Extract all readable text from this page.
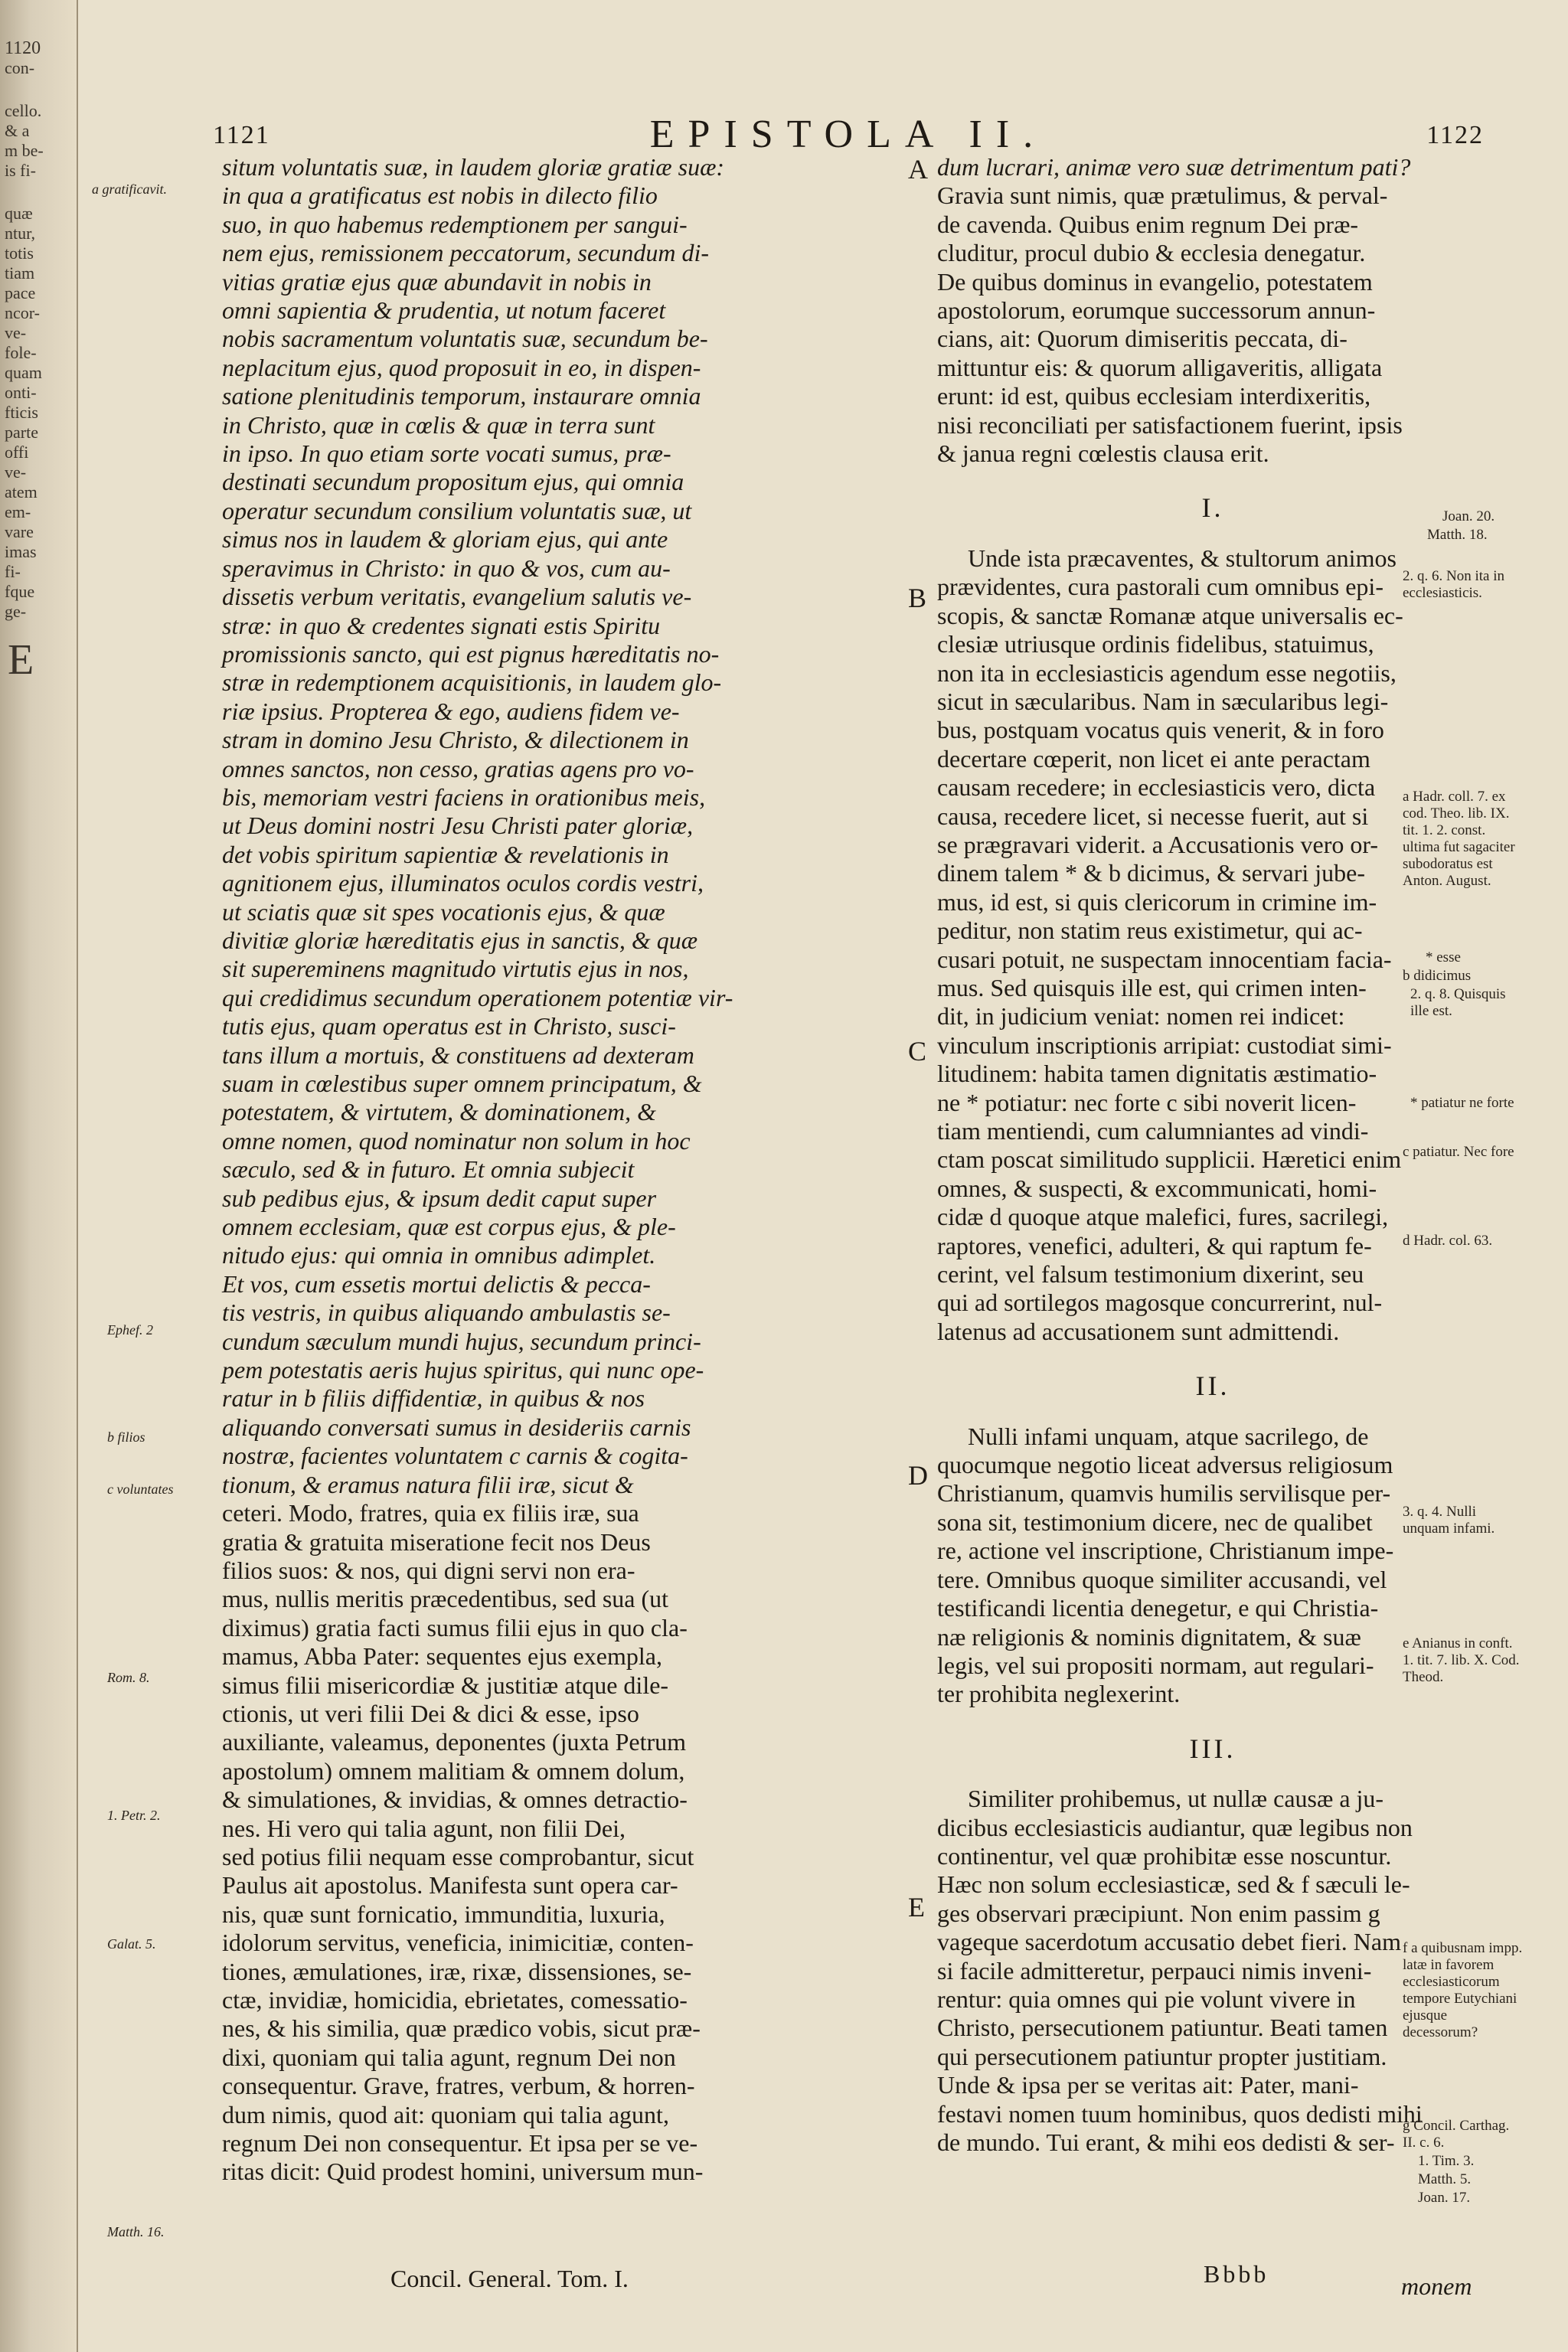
1120
con-
cello.
& a
m be-
is fi-
quæ
ntur,
totis
tiam
pace
ncor-
ve-
fole-
quam
onti-
fticis
parte
offi
ve-
atem
em-
vare
imas
fi-
fque
ge-
E
1121	EPISTOLA II.	1122
a gratificavit.
Ephef. 2
b filios
c voluntates
Rom. 8.
1. Petr. 2.
Galat. 5.
Matth. 16.

situm voluntatis suæ, in laudem gloriæ gratiæ suæ:

in qua a gratificatus est nobis in dilecto filio

suo, in quo habemus redemptionem per sangui-

nem ejus, remissionem peccatorum, secundum di-

vitias gratiæ ejus quæ abundavit in nobis in

omni sapientia & prudentia, ut notum faceret

nobis sacramentum voluntatis suæ, secundum be-

neplacitum ejus, quod proposuit in eo, in dispen-

satione plenitudinis temporum, instaurare omnia

in Christo, quæ in cœlis & quæ in terra sunt

in ipso. In quo etiam sorte vocati sumus, præ-

destinati secundum propositum ejus, qui omnia

operatur secundum consilium voluntatis suæ, ut

simus nos in laudem & gloriam ejus, qui ante

speravimus in Christo: in quo & vos, cum au-

dissetis verbum veritatis, evangelium salutis ve-

stræ: in quo & credentes signati estis Spiritu

promissionis sancto, qui est pignus hæreditatis no-

stræ in redemptionem acquisitionis, in laudem glo-

riæ ipsius. Propterea & ego, audiens fidem ve-

stram in domino Jesu Christo, & dilectionem in

omnes sanctos, non cesso, gratias agens pro vo-

bis, memoriam vestri faciens in orationibus meis,

ut Deus domini nostri Jesu Christi pater gloriæ,

det vobis spiritum sapientiæ & revelationis in

agnitionem ejus, illuminatos oculos cordis vestri,

ut sciatis quæ sit spes vocationis ejus, & quæ

divitiæ gloriæ hæreditatis ejus in sanctis, & quæ

sit supereminens magnitudo virtutis ejus in nos,

qui credidimus secundum operationem potentiæ vir-

tutis ejus, quam operatus est in Christo, susci-

tans illum a mortuis, & constituens ad dexteram

suam in cœlestibus super omnem principatum, &

potestatem, & virtutem, & dominationem, &

omne nomen, quod nominatur non solum in hoc

sæculo, sed & in futuro. Et omnia subjecit

sub pedibus ejus, & ipsum dedit caput super

omnem ecclesiam, quæ est corpus ejus, & ple-

nitudo ejus: qui omnia in omnibus adimplet.

Et vos, cum essetis mortui delictis & pecca-

tis vestris, in quibus aliquando ambulastis se-

cundum sæculum mundi hujus, secundum princi-

pem potestatis aeris hujus spiritus, qui nunc ope-

ratur in b filiis diffidentiæ, in quibus & nos

aliquando conversati sumus in desideriis carnis

nostræ, facientes voluntatem c carnis & cogita-

tionum, & eramus natura filii iræ, sicut &

ceteri. Modo, fratres, quia ex filiis iræ, sua

gratia & gratuita miseratione fecit nos Deus

filios suos: & nos, qui digni servi non era-

mus, nullis meritis præcedentibus, sed sua (ut

diximus) gratia facti sumus filii ejus in quo cla-

mamus, Abba Pater: sequentes ejus exempla,

simus filii misericordiæ & justitiæ atque dile-

ctionis, ut veri filii Dei & dici & esse, ipso

auxiliante, valeamus, deponentes (juxta Petrum

apostolum) omnem malitiam & omnem dolum,

& simulationes, & invidias, & omnes detractio-

nes. Hi vero qui talia agunt, non filii Dei,

sed potius filii nequam esse comprobantur, sicut

Paulus ait apostolus. Manifesta sunt opera car-

nis, quæ sunt fornicatio, immunditia, luxuria,

idolorum servitus, veneficia, inimicitiæ, conten-

tiones, æmulationes, iræ, rixæ, dissensiones, se-

ctæ, invidiæ, homicidia, ebrietates, comessatio-

nes, & his similia, quæ prædico vobis, sicut præ-

dixi, quoniam qui talia agunt, regnum Dei non

consequentur. Grave, fratres, verbum, & horren-

dum nimis, quod ait: quoniam qui talia agunt,

regnum Dei non consequentur. Et ipsa per se ve-

ritas dicit: Quid prodest homini, universum mun-

dum lucrari, animæ vero suæ detrimentum pati?

Gravia sunt nimis, quæ prætulimus, & perval-

de cavenda. Quibus enim regnum Dei præ-

cluditur, procul dubio & ecclesia denegatur.

De quibus dominus in evangelio, potestatem

apostolorum, eorumque successorum annun-

cians, ait: Quorum dimiseritis peccata, di-

mittuntur eis: & quorum alligaveritis, alligata

erunt: id est, quibus ecclesiam interdixeritis,

nisi reconciliati per satisfactionem fuerint, ipsis

& janua regni cœlestis clausa erit.

I.

Unde ista præcaventes, & stultorum animos

prævidentes, cura pastorali cum omnibus epi-

scopis, & sanctæ Romanæ atque universalis ec-

clesiæ utriusque ordinis fidelibus, statuimus,

non ita in ecclesiasticis agendum esse negotiis,

sicut in sæcularibus. Nam in sæcularibus legi-

bus, postquam vocatus quis venerit, & in foro

decertare cœperit, non licet ei ante peractam

causam recedere; in ecclesiasticis vero, dicta

causa, recedere licet, si necesse fuerit, aut si

se prægravari viderit. a Accusationis vero or-

dinem talem * & b dicimus, & servari jube-

mus, id est, si quis clericorum in crimine im-

peditur, non statim reus existimetur, qui ac-

cusari potuit, ne suspectam innocentiam facia-

mus. Sed quisquis ille est, qui crimen inten-

dit, in judicium veniat: nomen rei indicet:

vinculum inscriptionis arripiat: custodiat simi-

litudinem: habita tamen dignitatis æstimatio-

ne * potiatur: nec forte c sibi noverit licen-

tiam mentiendi, cum calumniantes ad vindi-

ctam poscat similitudo supplicii. Hæretici enim

omnes, & suspecti, & excommunicati, homi-

cidæ d quoque atque malefici, fures, sacrilegi,

raptores, venefici, adulteri, & qui raptum fe-

cerint, vel falsum testimonium dixerint, seu

qui ad sortilegos magosque concurrerint, nul-

latenus ad accusationem sunt admittendi.

II.

Nulli infami unquam, atque sacrilego, de

quocumque negotio liceat adversus religiosum

Christianum, quamvis humilis servilisque per-

sona sit, testimonium dicere, nec de qualibet

re, actione vel inscriptione, Christianum impe-

tere. Omnibus quoque similiter accusandi, vel

testificandi licentia denegetur, e qui Christia-

næ religionis & nominis dignitatem, & suæ

legis, vel sui propositi normam, aut regulari-

ter prohibita neglexerint.

III.

Similiter prohibemus, ut nullæ causæ a ju-

dicibus ecclesiasticis audiantur, quæ legibus non

continentur, vel quæ prohibitæ esse noscuntur.

Hæc non solum ecclesiasticæ, sed & f sæculi le-

ges observari præcipiunt. Non enim passim g

vageque sacerdotum accusatio debet fieri. Nam

si facile admitteretur, perpauci nimis inveni-

rentur: quia omnes qui pie volunt vivere in

Christo, persecutionem patiuntur. Beati tamen

qui persecutionem patiuntur propter justitiam.

Unde & ipsa per se veritas ait: Pater, mani-

festavi nomen tuum hominibus, quos dedisti mihi

de mundo. Tui erant, & mihi eos dedisti & ser-

Joan. 20.
Matth. 18.
2. q. 6. Non ita in ecclesiasticis.
a Hadr. coll. 7. ex cod. Theo. lib. IX. tit. 1. 2. const. ultima fut sagaciter subodoratus est Anton. August.
* esse
b didicimus
2. q. 8. Quisquis ille est.
* patiatur ne forte
c patiatur. Nec fore
d Hadr. col. 63.
3. q. 4. Nulli unquam infami.
e Anianus in conft. 1. tit. 7. lib. X. Cod. Theod.
f a quibusnam impp. latæ in favorem ecclesiasticorum tempore Eutychiani ejusque decessorum?
g Concil. Carthag. II. c. 6.
1. Tim. 3.
Matth. 5.
Joan. 17.
A
B
C
D
E
Concil. General. Tom. I.	Bbbb	monem
